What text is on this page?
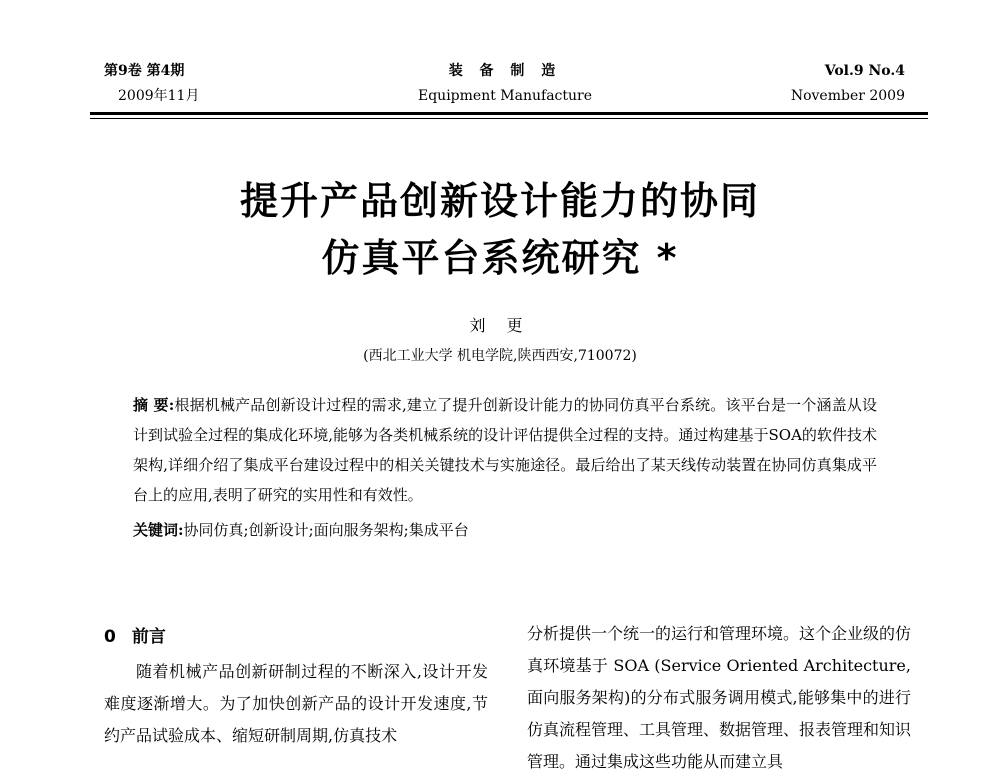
第9卷 第4期
2009年11月
装 备 制 造
Equipment Manufacture
Vol.9 No.4
November 2009
提升产品创新设计能力的协同
仿真平台系统研究 *
刘 更
(西北工业大学 机电学院,陕西西安,710072)
摘 要:根据机械产品创新设计过程的需求,建立了提升创新设计能力的协同仿真平台系统。该平台是一个涵盖从设计到试验全过程的集成化环境,能够为各类机械系统的设计评估提供全过程的支持。通过构建基于SOA的软件技术架构,详细介绍了集成平台建设过程中的相关关键技术与实施途径。最后给出了某天线传动装置在协同仿真集成平台上的应用,表明了研究的实用性和有效性。
关键词:协同仿真;创新设计;面向服务架构;集成平台
0 前言
随着机械产品创新研制过程的不断深入,设计开发难度逐渐增大。为了加快创新产品的设计开发速度,节约产品试验成本、缩短研制周期,仿真技术
分析提供一个统一的运行和管理环境。这个企业级的仿真环境基于 SOA (Service Oriented Architecture,面向服务架构)的分布式服务调用模式,能够集中的进行仿真流程管理、工具管理、数据管理、报表管理和知识管理。通过集成这些功能从而建立具
